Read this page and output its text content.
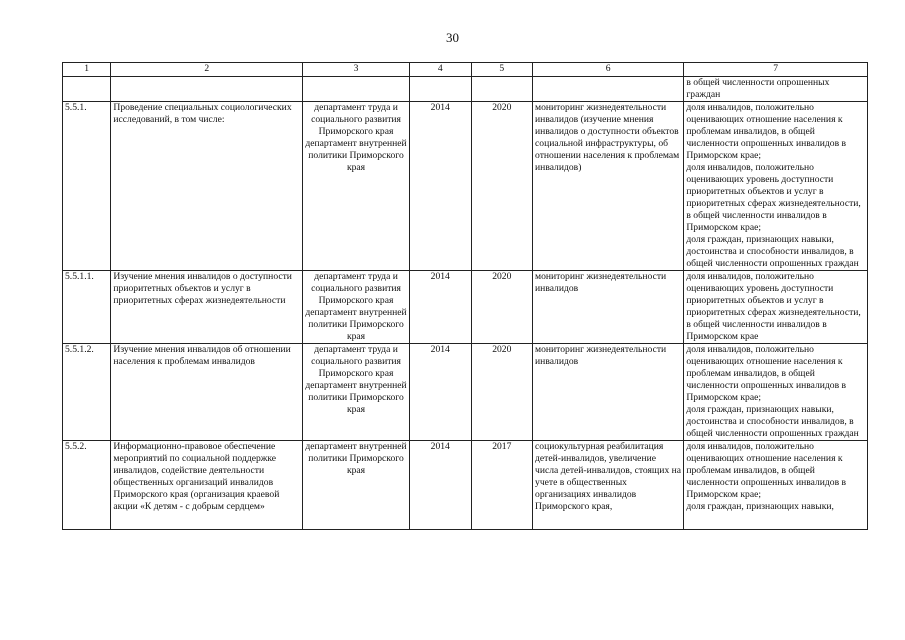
30
1	2	3	4	5	6	7
						в общей численности опрошенных граждан
5.5.1.	Проведение специальных социологических исследований, в том числе:	департамент труда и социального развития Приморского края департамент внутренней политики Приморского края	2014	2020	мониторинг жизнедеятельности инвалидов (изучение мнения инвалидов о доступности объектов социальной инфраструктуры, об отношении населения к проблемам инвалидов)	доля инвалидов, положительно оценивающих отношение населения к проблемам инвалидов, в общей численности опрошенных инвалидов в Приморском крае;
доля инвалидов, положительно оценивающих уровень доступности приоритетных объектов и услуг в приоритетных сферах жизнедеятельности, в общей численности инвалидов в Приморском крае;
доля граждан, признающих навыки, достоинства и способности инвалидов, в общей численности опрошенных граждан
5.5.1.1.	Изучение мнения инвалидов о доступности приоритетных объектов и услуг в приоритетных сферах жизнедеятельности	департамент труда и социального развития Приморского края департамент внутренней политики Приморского края	2014	2020	мониторинг жизнедеятельности инвалидов	доля инвалидов, положительно оценивающих уровень доступности приоритетных объектов и услуг в приоритетных сферах жизнедеятельности, в общей численности инвалидов в Приморском крае
5.5.1.2.	Изучение мнения инвалидов об отношении населения к проблемам инвалидов	департамент труда и социального развития Приморского края департамент внутренней политики Приморского края	2014	2020	мониторинг жизнедеятельности инвалидов	доля инвалидов, положительно оценивающих отношение населения к проблемам инвалидов, в общей численности опрошенных инвалидов в Приморском крае;
доля граждан, признающих навыки, достоинства и способности инвалидов, в общей численности опрошенных граждан

5.5.2.	Информационно-правовое обеспечение мероприятий по социальной поддержке инвалидов, содействие деятельности общественных организаций инвалидов Приморского края (организация краевой акции «К детям - с добрым сердцем»	департамент внутренней политики Приморского края	2014	2017	социокультурная реабилитация детей-инвалидов, увеличение числа детей-инвалидов, стоящих на учете в общественных организациях инвалидов Приморского края,	доля инвалидов, положительно оценивающих отношение населения к проблемам инвалидов, в общей численности опрошенных инвалидов в Приморском крае;
доля граждан, признающих навыки,
